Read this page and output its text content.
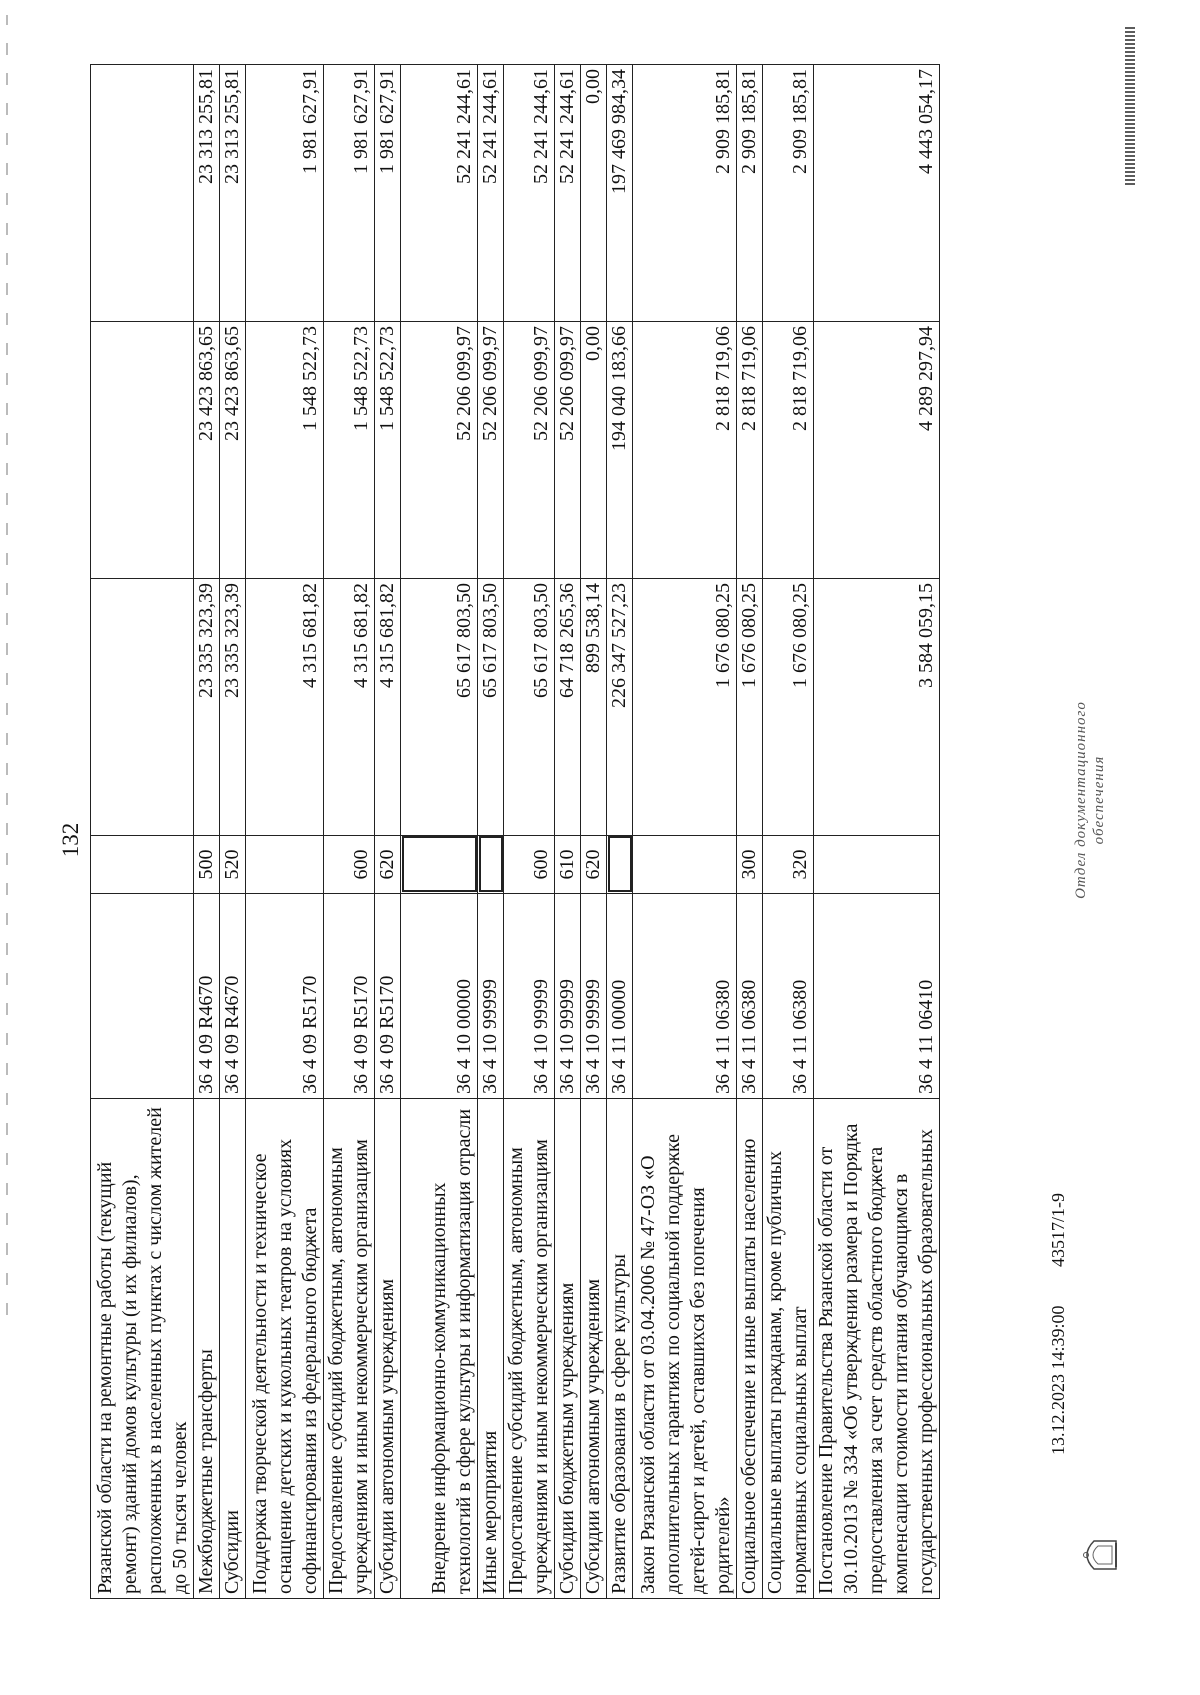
132
Рязанской области на ремонтные работы (текущий ремонт) зданий домов культуры (и их филиалов), расположенных в населенных пунктах с числом жителей до 50 тысяч человек					
Межбюджетные трансферты	36 4 09 R4670	500	23 335 323,39	23 423 863,65	23 313 255,81
Субсидии	36 4 09 R4670	520	23 335 323,39	23 423 863,65	23 313 255,81
Поддержка творческой деятельности и техническое оснащение детских и кукольных театров на условиях софинансирования из федерального бюджета	36 4 09 R5170		4 315 681,82	1 548 522,73	1 981 627,91
Предоставление субсидий бюджетным, автономным учреждениям и иным некоммерческим организациям	36 4 09 R5170	600	4 315 681,82	1 548 522,73	1 981 627,91
Субсидии автономным учреждениям	36 4 09 R5170	620	4 315 681,82	1 548 522,73	1 981 627,91
Внедрение информационно-коммуникационных технологий в сфере культуры и информатизация отрасли	36 4 10 00000		65 617 803,50	52 206 099,97	52 241 244,61
Иные мероприятия	36 4 10 99999		65 617 803,50	52 206 099,97	52 241 244,61
Предоставление субсидий бюджетным, автономным учреждениям и иным некоммерческим организациям	36 4 10 99999	600	65 617 803,50	52 206 099,97	52 241 244,61
Субсидии бюджетным учреждениям	36 4 10 99999	610	64 718 265,36	52 206 099,97	52 241 244,61
Субсидии автономным учреждениям	36 4 10 99999	620	899 538,14	0,00	0,00
Развитие образования в сфере культуры	36 4 11 00000		226 347 527,23	194 040 183,66	197 469 984,34
Закон Рязанской области от 03.04.2006 № 47-ОЗ «О дополнительных гарантиях по социальной поддержке детей-сирот и детей, оставшихся без попечения родителей»	36 4 11 06380		1 676 080,25	2 818 719,06	2 909 185,81
Социальное обеспечение и иные выплаты населению	36 4 11 06380	300	1 676 080,25	2 818 719,06	2 909 185,81
Социальные выплаты гражданам, кроме публичных нормативных социальных выплат	36 4 11 06380	320	1 676 080,25	2 818 719,06	2 909 185,81
Постановление Правительства Рязанской области от 30.10.2013 № 334 «Об утверждении размера и Порядка предоставления за счет средств областного бюджета компенсации стоимости питания обучающимся в государственных профессиональных образовательных	36 4 11 06410		3 584 059,15	4 289 297,94	4 443 054,17
13.12.2023 14:39:00
43517/1-9
Отдел документационного обеспечения
